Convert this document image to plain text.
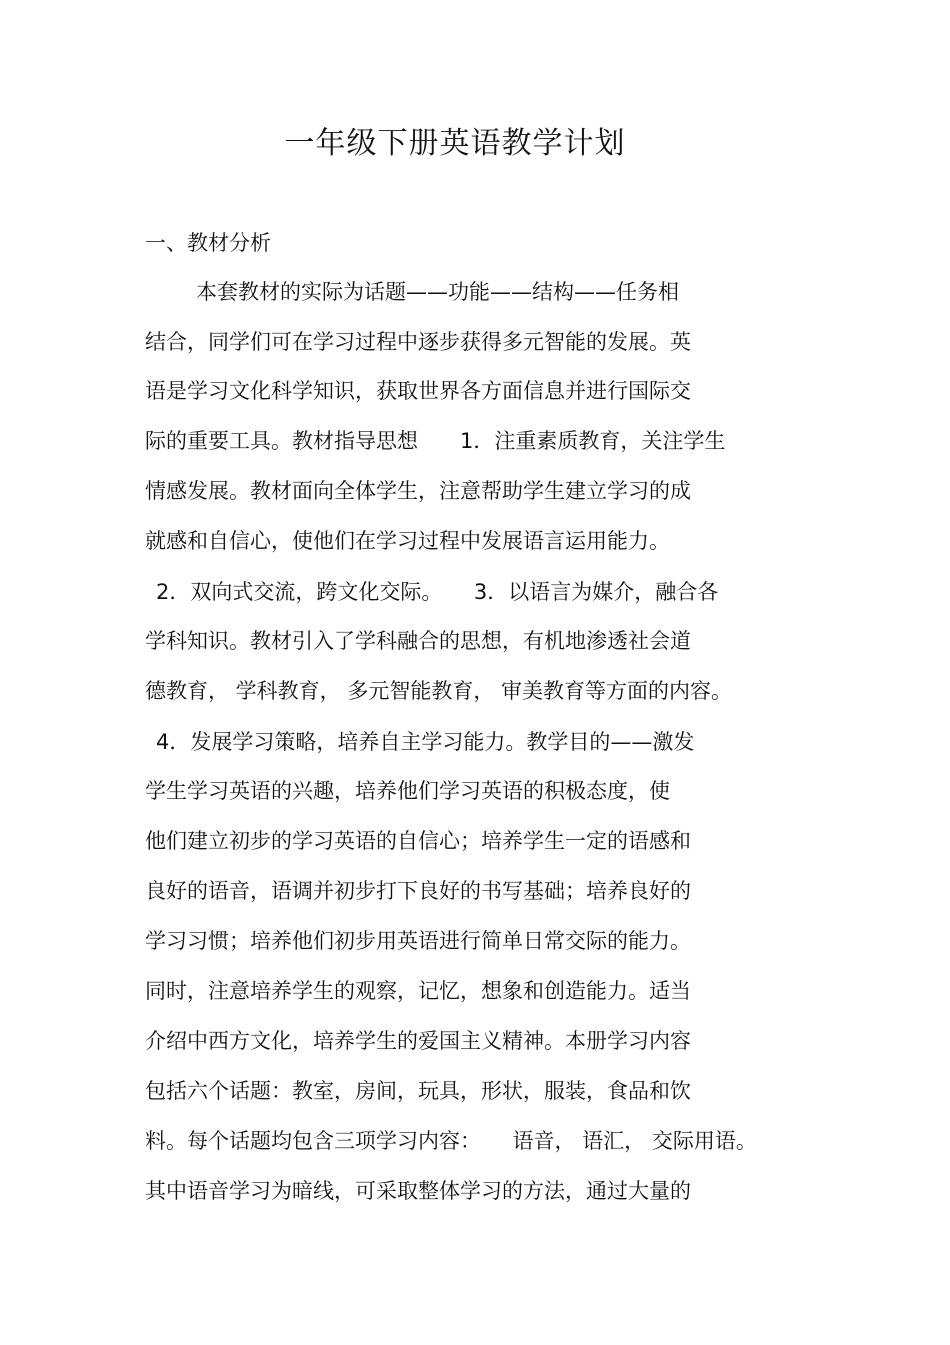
一年级下册英语教学计划
一、教材分析
本套教材的实际为话题——功能——结构——任务相
结合，同学们可在学习过程中逐步获得多元智能的发展。英
语是学习文化科学知识，获取世界各方面信息并进行国际交
际的重要工具。教材指导思想　　1．注重素质教育，关注学生
情感发展。教材面向全体学生，注意帮助学生建立学习的成
就感和自信心，使他们在学习过程中发展语言运用能力。
2．双向式交流，跨文化交际。　　3．以语言为媒介，融合各
学科知识。教材引入了学科融合的思想，有机地渗透社会道
德教育， 学科教育， 多元智能教育， 审美教育等方面的内容。
4．发展学习策略，培养自主学习能力。教学目的——激发
学生学习英语的兴趣，培养他们学习英语的积极态度，使
他们建立初步的学习英语的自信心；培养学生一定的语感和
良好的语音，语调并初步打下良好的书写基础；培养良好的
学习习惯；培养他们初步用英语进行简单日常交际的能力。
同时，注意培养学生的观察，记忆，想象和创造能力。适当
介绍中西方文化，培养学生的爱国主义精神。本册学习内容
包括六个话题：教室，房间，玩具，形状，服装，食品和饮
料。每个话题均包含三项学习内容：　　语音， 语汇， 交际用语。
其中语音学习为暗线，可采取整体学习的方法，通过大量的
